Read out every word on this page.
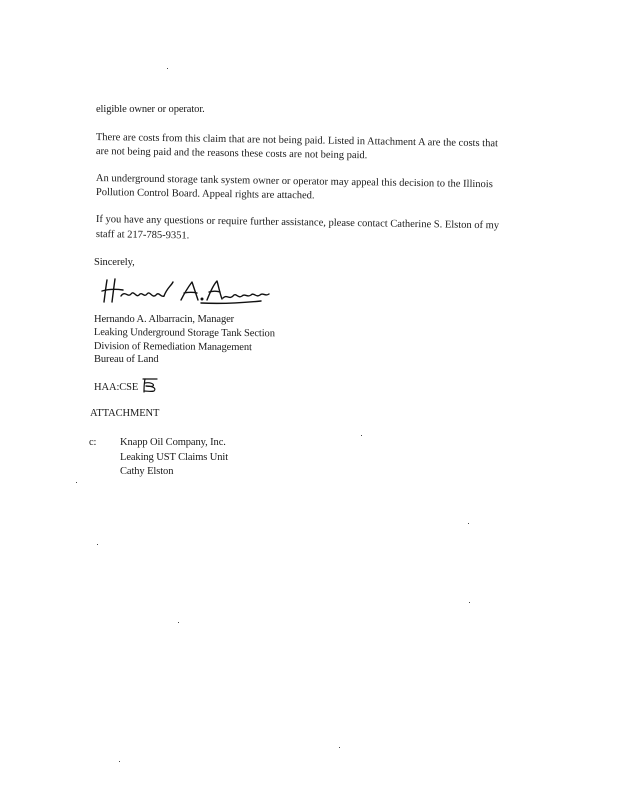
eligible owner or operator.
There are costs from this claim that are not being paid. Listed in Attachment A are the costs that
are not being paid and the reasons these costs are not being paid.
An underground storage tank system owner or operator may appeal this decision to the Illinois
Pollution Control Board. Appeal rights are attached.
If you have any questions or require further assistance, please contact Catherine S. Elston of my
staff at 217-785-9351.
Sincerely,
Hernando A. Albarracin, Manager
Leaking Underground Storage Tank Section
Division of Remediation Management
Bureau of Land
HAA:CSE
ATTACHMENT
c: Knapp Oil Company, Inc.
Leaking UST Claims Unit
Cathy Elston
